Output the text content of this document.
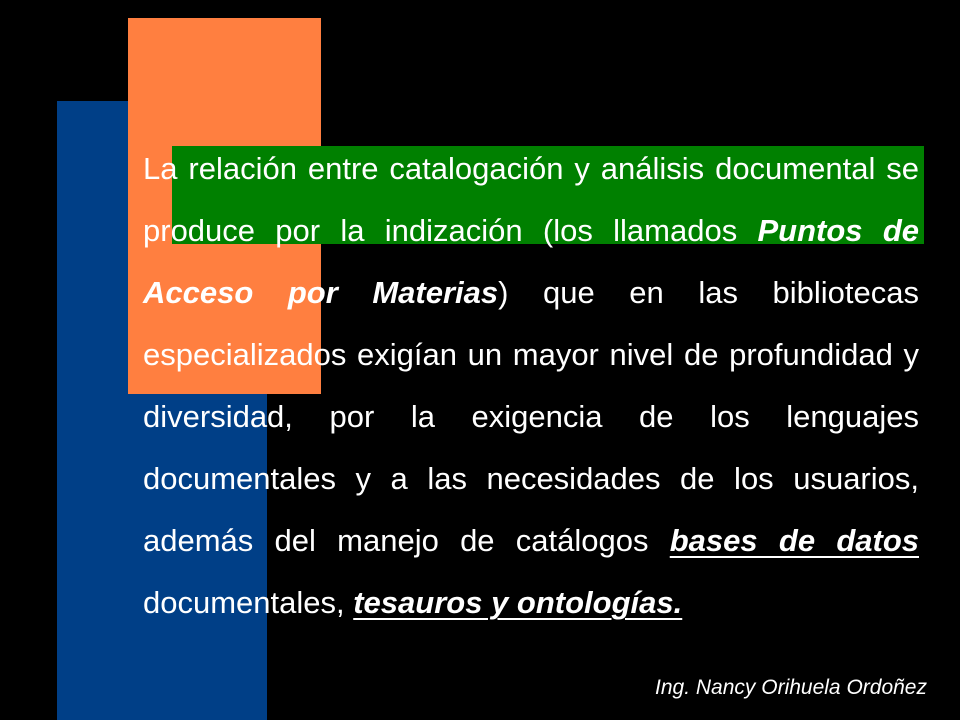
La relación entre catalogación y análisis documental se produce por la indización (los llamados Puntos de Acceso por Materias) que en las bibliotecas especializados exigían un mayor nivel de profundidad y diversidad, por la exigencia de los lenguajes documentales y a las necesidades de los usuarios, además del manejo de catálogos bases de datos documentales, tesauros y ontologías.

Ing. Nancy Orihuela Ordoñez
